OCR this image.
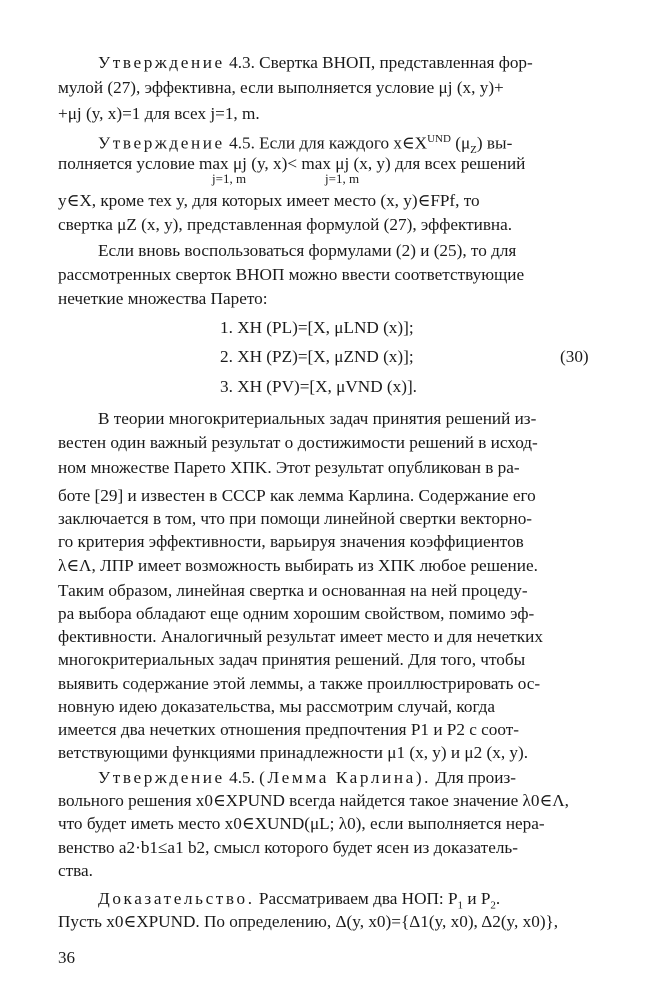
Утверждение 4.3. Свертка ВНОП, представленная фор-
мулой (27), эффективна, если выполняется условие μj (x, y)+
+μj (y, x)=1 для всех j=1, m.
Утверждение 4.5. Если для каждого $x\in X^{UND}$ $(\mu_Z)$ вы-
полняется условие max μj (y, x)< max μj (x, y) для всех решений
j=1, m	j=1, m
y∈X, кроме тех y, для которых имеет место (x, y)∈FPf, то
свертка μZ (x, y), представленная формулой (27), эффективна.
Если вновь воспользоваться формулами (2) и (25), то для
рассмотренных сверток ВНОП можно ввести соответствующие
нечеткие множества Парето:
1. XH (PL)=[X, μLND (x)];
2. XH (PZ)=[X, μZND (x)];
3. XH (PV)=[X, μVND (x)].
(30)
В теории многокритериальных задач принятия решений из-
вестен один важный результат о достижимости решений в исход-
ном множестве Парето XПK. Этот результат опубликован в ра-
боте [29] и известен в СССР как лемма Карлина. Содержание его
заключается в том, что при помощи линейной свертки векторно-
го критерия эффективности, варьируя значения коэффициентов
λ∈Λ, ЛПР имеет возможность выбирать из XПK любое решение.
Таким образом, линейная свертка и основанная на ней процеду-
ра выбора обладают еще одним хорошим свойством, помимо эф-
фективности. Аналогичный результат имеет место и для нечетких
многокритериальных задач принятия решений. Для того, чтобы
выявить содержание этой леммы, а также проиллюстрировать ос-
новную идею доказательства, мы рассмотрим случай, когда
имеется два нечетких отношения предпочтения P1 и P2 с соот-
ветствующими функциями принадлежности μ1 (x, y) и μ2 (x, y).
Утверждение 4.5. (Лемма Карлина). Для произ-
вольного решения x0∈XPUND всегда найдется такое значение λ0∈Λ,
что будет иметь место x0∈XUND(μL; λ0), если выполняется нера-
венство a2·b1≤a1 b2, смысл которого будет ясен из доказатель-
ства.
Доказательство. Рассматриваем два НОП: $P_1$ и $P_2$.
Пусть x0∈XPUND. По определению, Δ(y, x0)={Δ1(y, x0), Δ2(y, x0)},
36
